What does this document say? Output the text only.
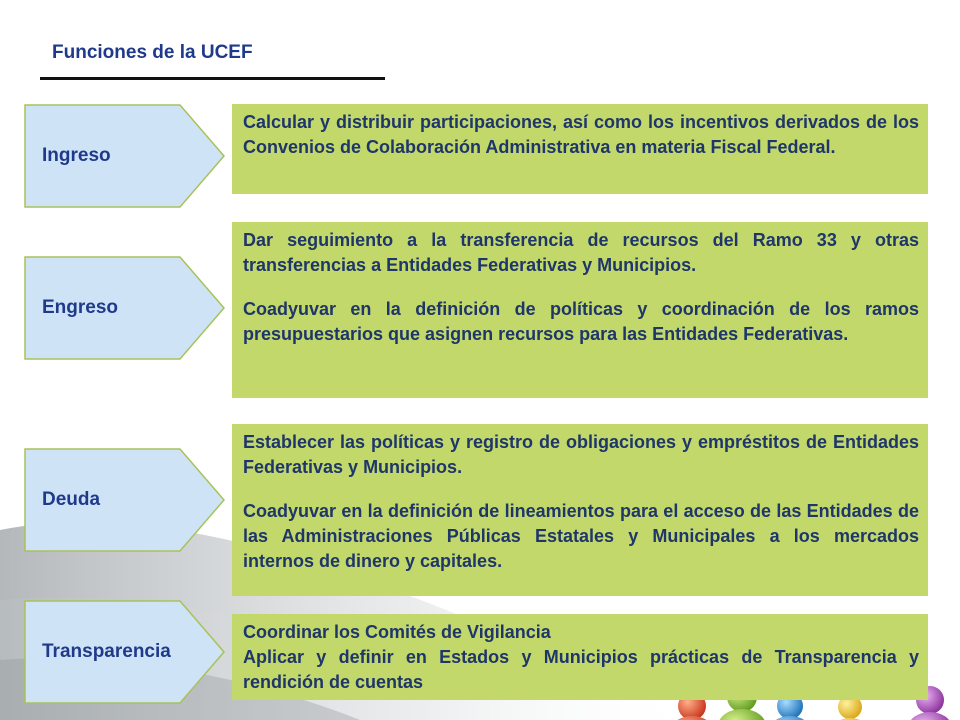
Funciones de la UCEF
Ingreso

Calcular y distribuir participaciones, así como los incentivos derivados de los Convenios de Colaboración Administrativa en materia Fiscal Federal.

Engreso

Dar seguimiento a la transferencia de recursos del Ramo 33 y otras transferencias a Entidades Federativas y Municipios.

Coadyuvar en la definición de políticas y coordinación de los ramos presupuestarios que asignen recursos para las Entidades Federativas.

Deuda

Establecer las políticas y registro de obligaciones y empréstitos de Entidades Federativas y Municipios.

Coadyuvar en la definición de lineamientos para el acceso de las Entidades de las Administraciones Públicas Estatales y Municipales a los mercados internos de dinero y capitales.

Transparencia

Coordinar los Comités de Vigilancia

Aplicar y definir en Estados y Municipios prácticas de Transparencia y rendición de cuentas
